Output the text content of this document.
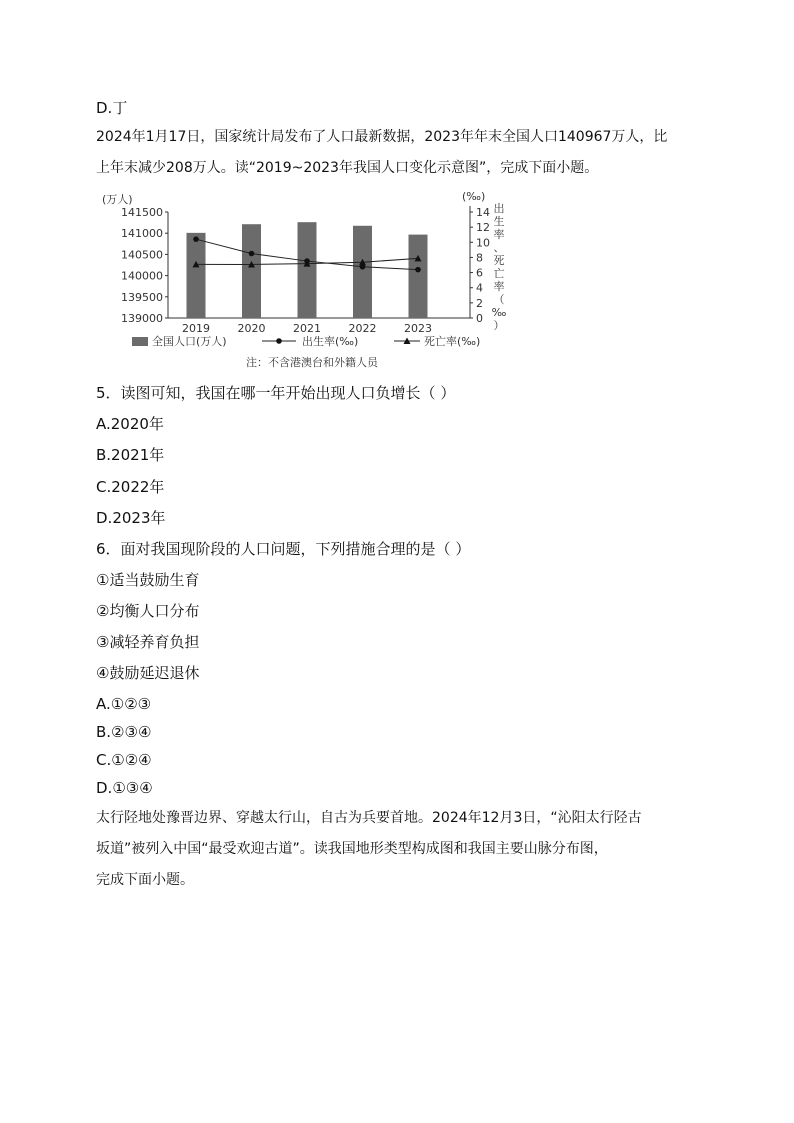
D.丁
2024年1月17日，国家统计局发布了人口最新数据，2023年年末全国人口140967万人，比
上年末减少208万人。读“2019~2023年我国人口变化示意图”，完成下面小题。
141500
141000
140500
140000
139500
139000
(万人)
14
12
10
8
6
4
2
0
(‰)
出
生
率
、
死
亡
率
（
‰
）
2019	2020	2021	2022	2023
全国人口(万人)	出生率(‰)	死亡率(‰)
注：不含港澳台和外籍人员
5．读图可知，我国在哪一年开始出现人口负增长（ ）
A.2020年
B.2021年
C.2022年
D.2023年
6．面对我国现阶段的人口问题，下列措施合理的是（ ）
①适当鼓励生育
②均衡人口分布
③减轻养育负担
④鼓励延迟退休
A.①②③
B.②③④
C.①②④
D.①③④
太行陉地处豫晋边界、穿越太行山，自古为兵要首地。2024年12月3日，“沁阳太行陉古
坂道”被列入中国“最受欢迎古道”。读我国地形类型构成图和我国主要山脉分布图，
完成下面小题。
